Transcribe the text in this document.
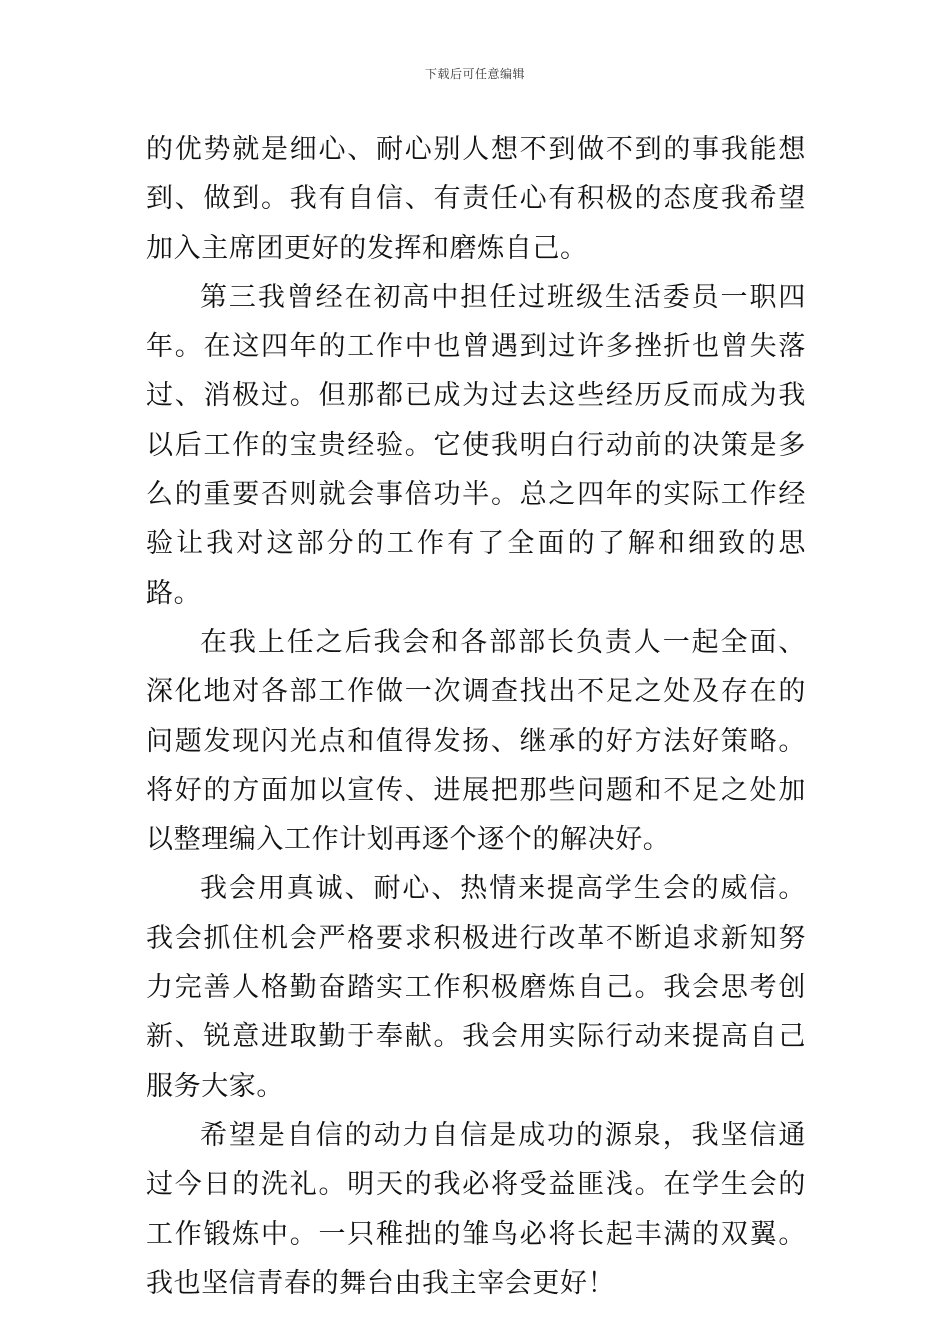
下载后可任意编辑

的优势就是细心、耐心别人想不到做不到的事我能想到、做到。我有自信、有责任心有积极的态度我希望加入主席团更好的发挥和磨炼自己。

第三我曾经在初高中担任过班级生活委员一职四年。在这四年的工作中也曾遇到过许多挫折也曾失落过、消极过。但那都已成为过去这些经历反而成为我以后工作的宝贵经验。它使我明白行动前的决策是多么的重要否则就会事倍功半。总之四年的实际工作经验让我对这部分的工作有了全面的了解和细致的思路。

在我上任之后我会和各部部长负责人一起全面、深化地对各部工作做一次调查找出不足之处及存在的问题发现闪光点和值得发扬、继承的好方法好策略。将好的方面加以宣传、进展把那些问题和不足之处加以整理编入工作计划再逐个逐个的解决好。

我会用真诚、耐心、热情来提高学生会的威信。我会抓住机会严格要求积极进行改革不断追求新知努力完善人格勤奋踏实工作积极磨炼自己。我会思考创新、锐意进取勤于奉献。我会用实际行动来提高自己服务大家。

希望是自信的动力自信是成功的源泉，我坚信通过今日的洗礼。明天的我必将受益匪浅。在学生会的工作锻炼中。一只稚拙的雏鸟必将长起丰满的双翼。我也坚信青春的舞台由我主宰会更好！
